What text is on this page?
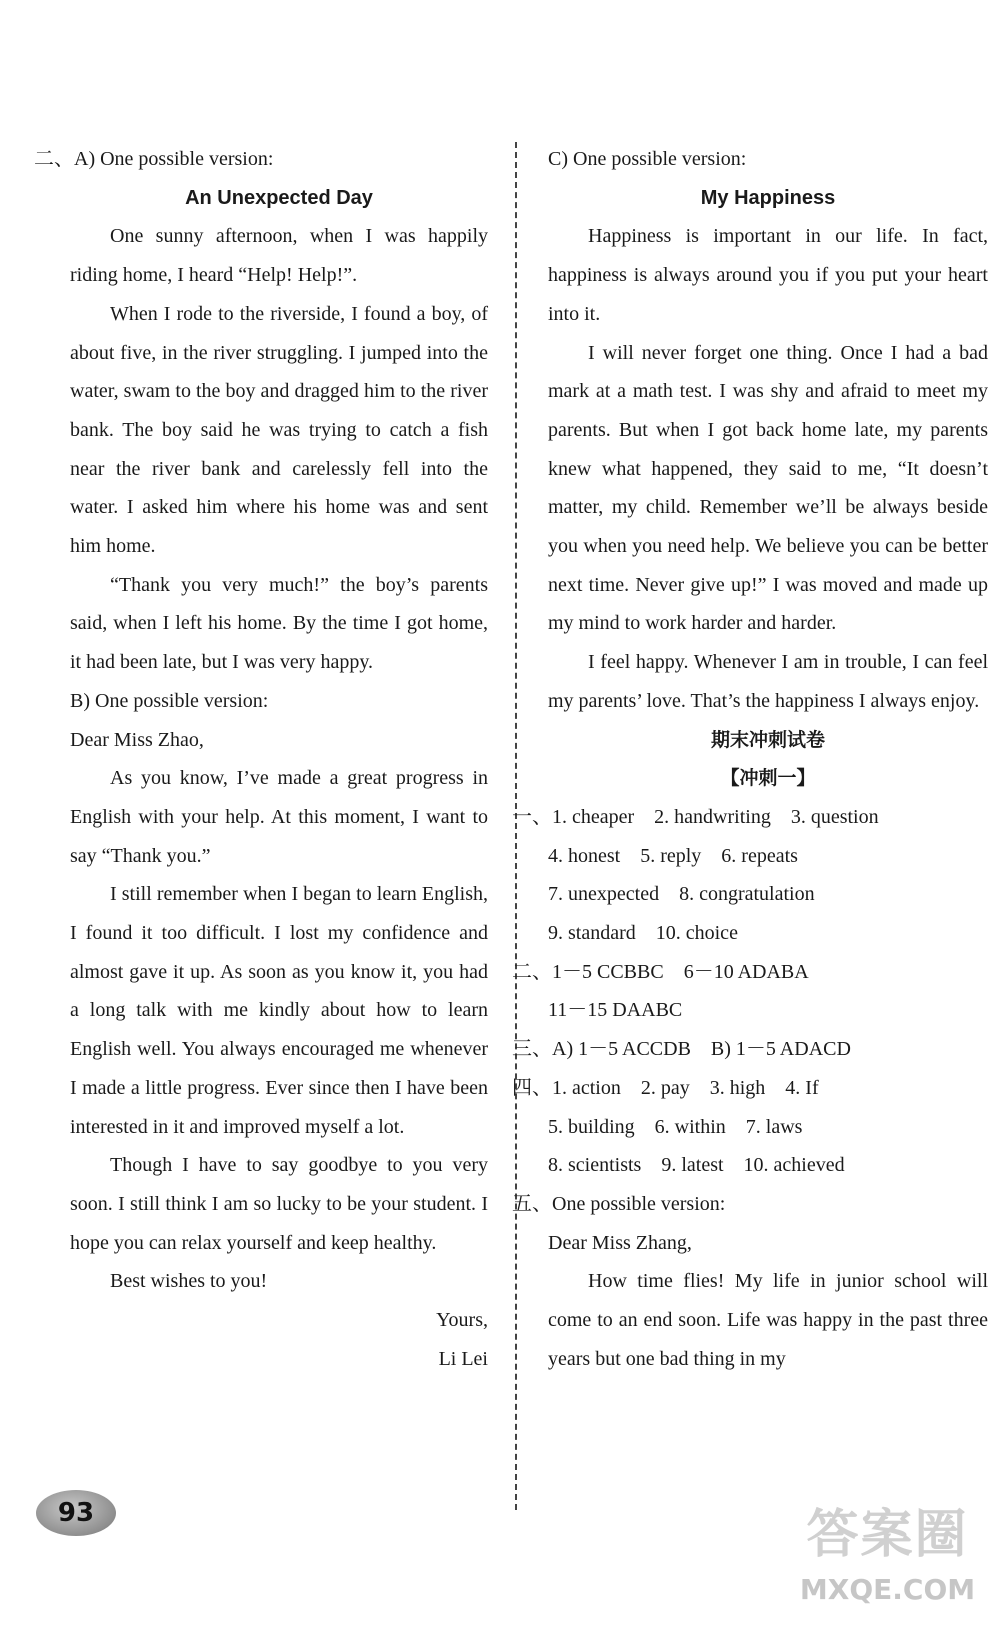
二、A) One possible version:

An Unexpected Day

One sunny afternoon, when I was happily riding home, I heard “Help! Help!”.

When I rode to the riverside, I found a boy, of about five, in the river struggling. I jumped into the water, swam to the boy and dragged him to the river bank. The boy said he was trying to catch a fish near the river bank and carelessly fell into the water. I asked him where his home was and sent him home.

“Thank you very much!” the boy’s parents said, when I left his home. By the time I got home, it had been late, but I was very happy.

B) One possible version:

Dear Miss Zhao,

As you know, I’ve made a great progress in English with your help. At this moment, I want to say “Thank you.”

I still remember when I began to learn English, I found it too difficult. I lost my confidence and almost gave it up. As soon as you know it, you had a long talk with me kindly about how to learn English well. You always encouraged me whenever I made a little progress. Ever since then I have been interested in it and improved myself a lot.

Though I have to say goodbye to you very soon. I still think I am so lucky to be your student. I hope you can relax yourself and keep healthy.

Best wishes to you!

Yours,

Li Lei

C) One possible version:

My Happiness

Happiness is important in our life. In fact, happiness is always around you if you put your heart into it.

I will never forget one thing. Once I had a bad mark at a math test. I was shy and afraid to meet my parents. But when I got back home late, my parents knew what happened, they said to me, “It doesn’t matter, my child. Remember we’ll be always beside you when you need help. We believe you can be better next time. Never give up!” I was moved and made up my mind to work harder and harder.

I feel happy. Whenever I am in trouble, I can feel my parents’ love. That’s the happiness I always enjoy.

期末冲刺试卷

【冲刺一】

一、1. cheaper　2. handwriting　3. question

4. honest　5. reply　6. repeats

7. unexpected　8. congratulation

9. standard　10. choice

二、1－5 CCBBC　6－10 ADABA

11－15 DAABC

三、A) 1－5 ACCDB　B) 1－5 ADACD

四、1. action　2. pay　3. high　4. If

5. building　6. within　7. laws

8. scientists　9. latest　10. achieved

五、One possible version:

Dear Miss Zhang,

How time flies! My life in junior school will come to an end soon. Life was happy in the past three years but one bad thing in my

93	答案圈
MXQE.COM
